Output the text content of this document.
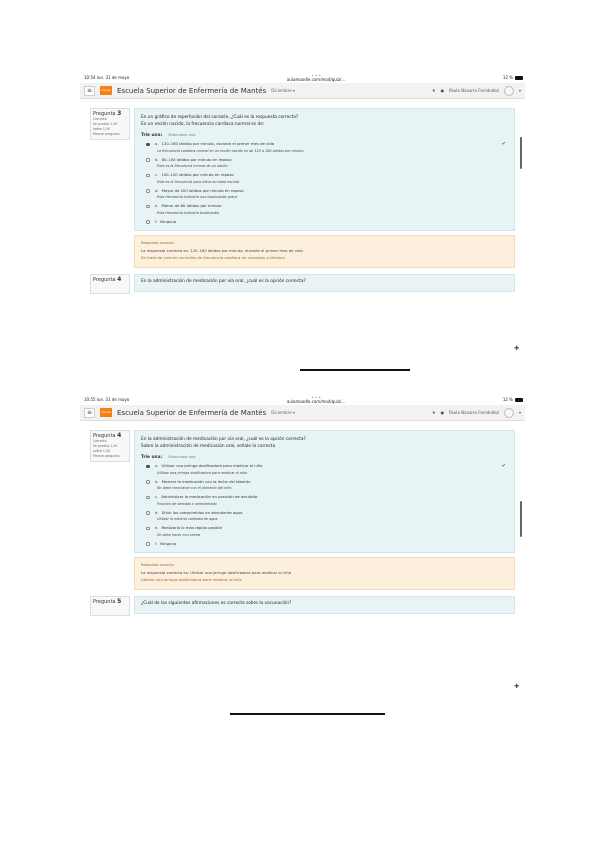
10:54 lun. 31 de mayo	• • •
aulamoodle.com/mod/quiz/...	12 %
≡	moodle Escuela Superior de Enfermería de Mantés Diciembre ▾	♦ ● Paula Navarro Fernández	▾
Pregunta 3
Correcta
Se puntúa 1,00 sobre 1,00
Marcar pregunta
En un gráfico de reperfusión del corazón, ¿Cuál es la respuesta correcta?
En un recién nacido, la frecuencia cardiaca normal es de:
Trie una: Seleccione una
a. 120–160 latidos por minuto, durante el primer mes de vida	✔
La frecuencia cardiaca normal en un recién nacido es de 120 a 160 latidos por minuto
b. 60–100 latidos por minuto en reposo
Esta es la frecuencia normal de un adulto
c. 100–120 latidos por minuto en reposo
Esta es la frecuencia para niños en edad escolar
d. Mayor de 200 latidos por minuto en reposo
Esta frecuencia indicaría una taquicardia grave
e. Menor de 60 latidos por minuto
Esta frecuencia indicaría bradicardia
f. Ninguna
Respuesta correcta
La respuesta correcta es: 120–160 latidos por minuto, durante el primer mes de vida
Se trata de valores normales de frecuencia cardiaca en neonatos a término
✚
Pregunta 4	En la administración de medicación por vía oral, ¿cuál es la opción correcta?
10:55 lun. 31 de mayo	• • •
aulamoodle.com/mod/quiz/...	12 %
≡	moodle Escuela Superior de Enfermería de Mantés Diciembre ▾	♦ ● Paula Navarro Fernández	▾
Pregunta 4
Correcta
Se puntúa 1,00 sobre 1,00
Marcar pregunta
En la administración de medicación por vía oral, ¿cuál es la opción correcta?
Sobre la administración de medicación oral, señale la correcta
Trie una: Seleccione una
a. Utilizar una jeringa dosificadora para medicar al niño	✔
Utilizar una jeringa dosificadora para medicar al niño
b. Mezclar la medicación con la leche del biberón
No debe mezclarse con el alimento del niño
c. Administrar la medicación en posición de decúbito
Posición de sentado o semisentado
d. Diluir los comprimidos en abundante agua
Utilizar la mínima cantidad de agua
e. Realizarlo lo más rápido posible
Se debe hacer con calma
f. Ninguna
Respuesta correcta
La respuesta correcta es: Utilizar una jeringa dosificadora para medicar al niño
Utilizar una jeringa dosificadora para medicar al niño
✚
Pregunta 5	¿Cuál de las siguientes afirmaciones es correcta sobre la vacunación?
